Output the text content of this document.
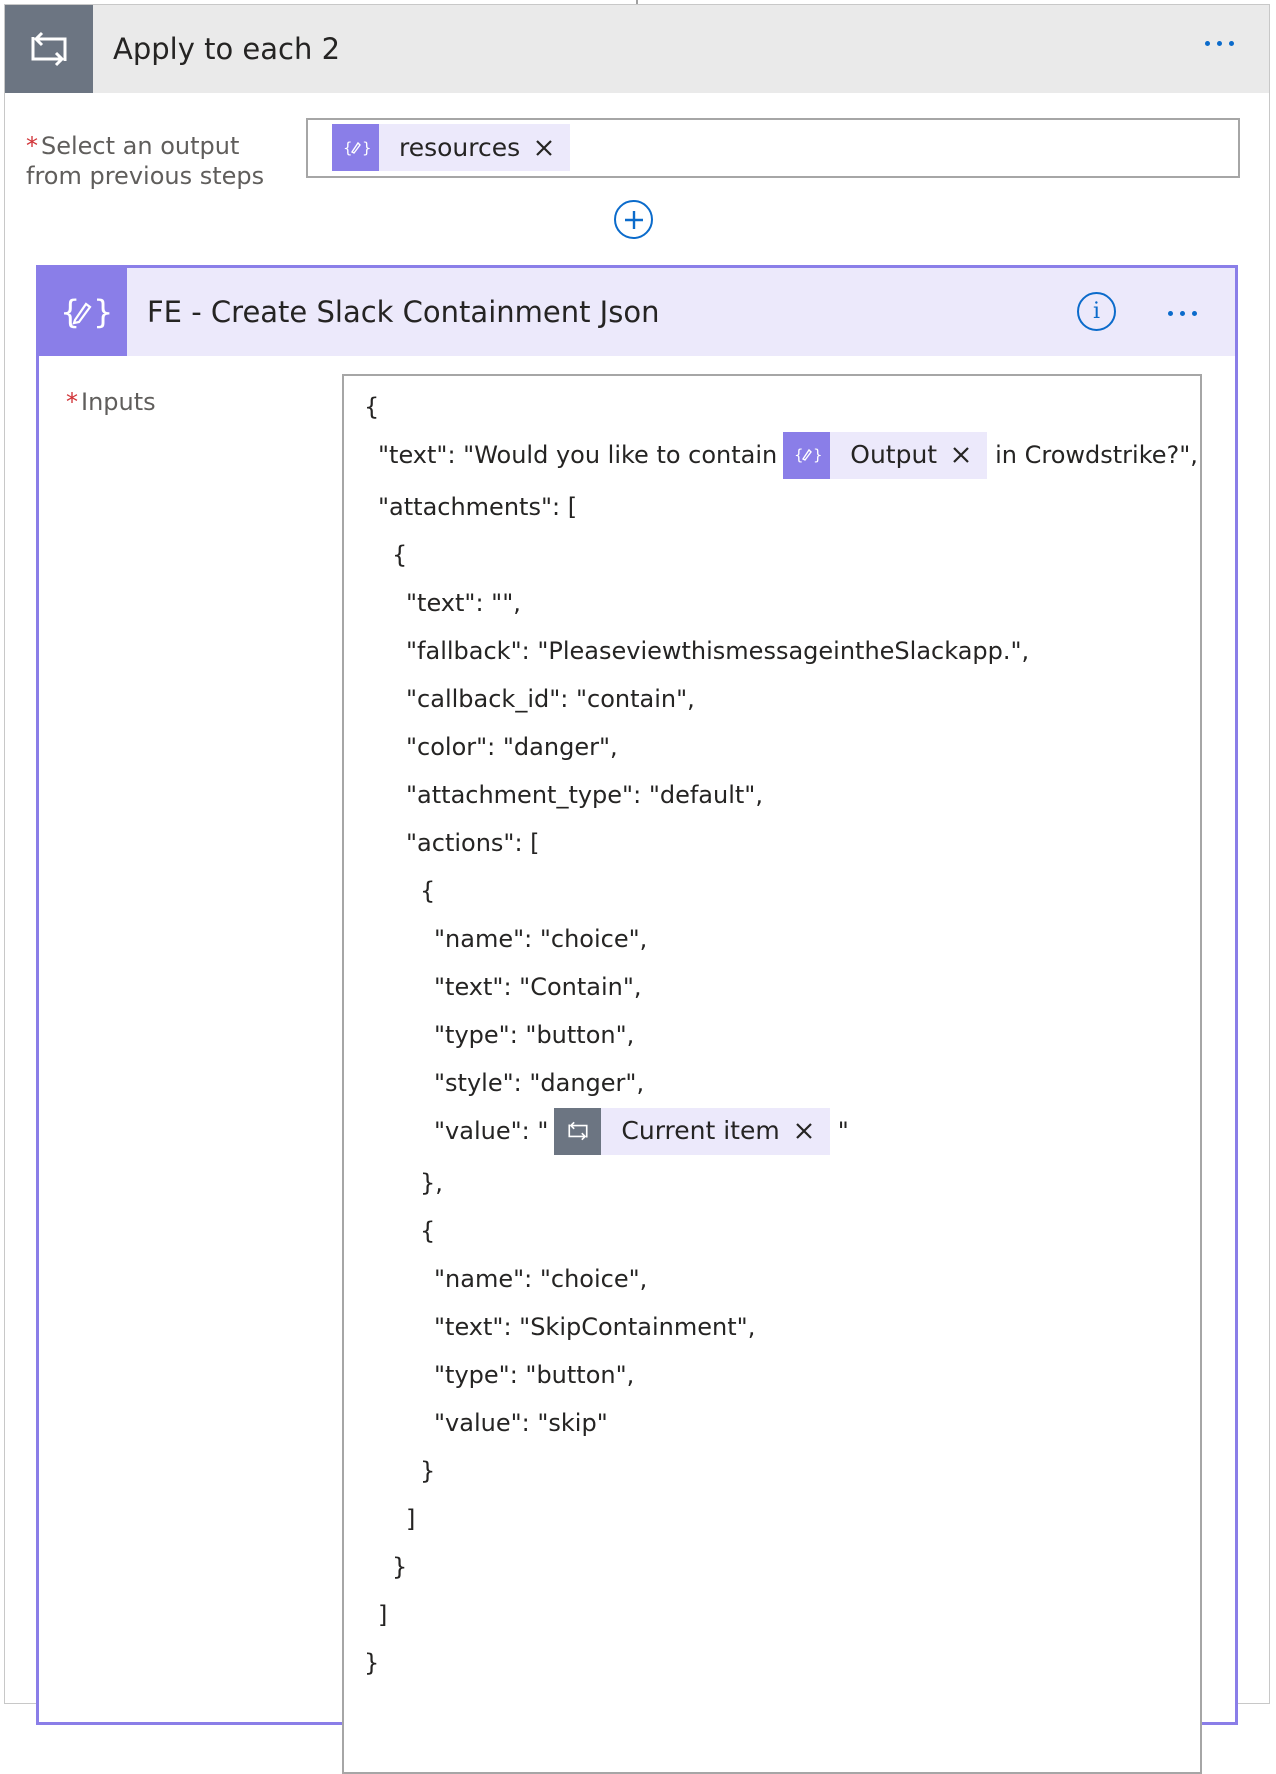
Apply to each 2
* Select an output from previous steps
{ }	resources
{ } FE - Create Slack Containment Json	i
* Inputs	{
"text": "Would you like to contain { }	Output	in Crowdstrike?",
"attachments": [
{
"text": "",
"fallback": "PleaseviewthismessageintheSlackapp.",
"callback_id": "contain",
"color": "danger",
"attachment_type": "default",
"actions": [
{
"name": "choice",
"text": "Contain",
"type": "button",
"style": "danger",
"value": "	Current item	"
},
{
"name": "choice",
"text": "SkipContainment",
"type": "button",
"value": "skip"
}
]
}
]
}
